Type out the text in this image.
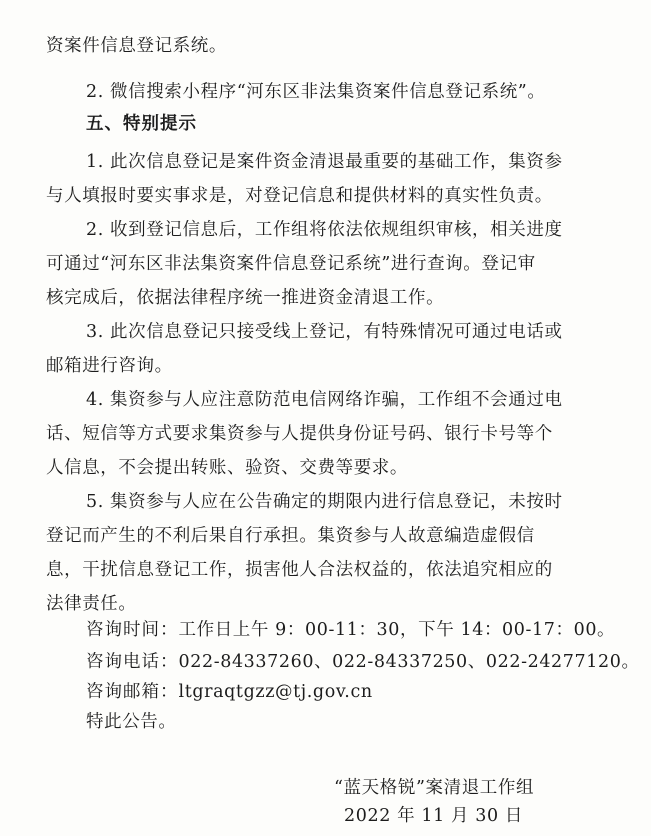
资案件信息登记系统。
2. 微信搜索小程序“河东区非法集资案件信息登记系统”。
五、特别提示
1. 此次信息登记是案件资金清退最重要的基础工作，集资参
与人填报时要实事求是，对登记信息和提供材料的真实性负责。
2. 收到登记信息后，工作组将依法依规组织审核，相关进度
可通过“河东区非法集资案件信息登记系统”进行查询。登记审
核完成后，依据法律程序统一推进资金清退工作。
3. 此次信息登记只接受线上登记，有特殊情况可通过电话或
邮箱进行咨询。
4. 集资参与人应注意防范电信网络诈骗，工作组不会通过电
话、短信等方式要求集资参与人提供身份证号码、银行卡号等个
人信息，不会提出转账、验资、交费等要求。
5. 集资参与人应在公告确定的期限内进行信息登记，未按时
登记而产生的不利后果自行承担。集资参与人故意编造虚假信
息，干扰信息登记工作，损害他人合法权益的，依法追究相应的
法律责任。
咨询时间：工作日上午 9：00-11：30，下午 14：00-17：00。
咨询电话：022-84337260、022-84337250、022-24277120。
咨询邮箱：ltgraqtgzz@tj.gov.cn
特此公告。
“蓝天格锐”案清退工作组
2022 年 11 月 30 日
